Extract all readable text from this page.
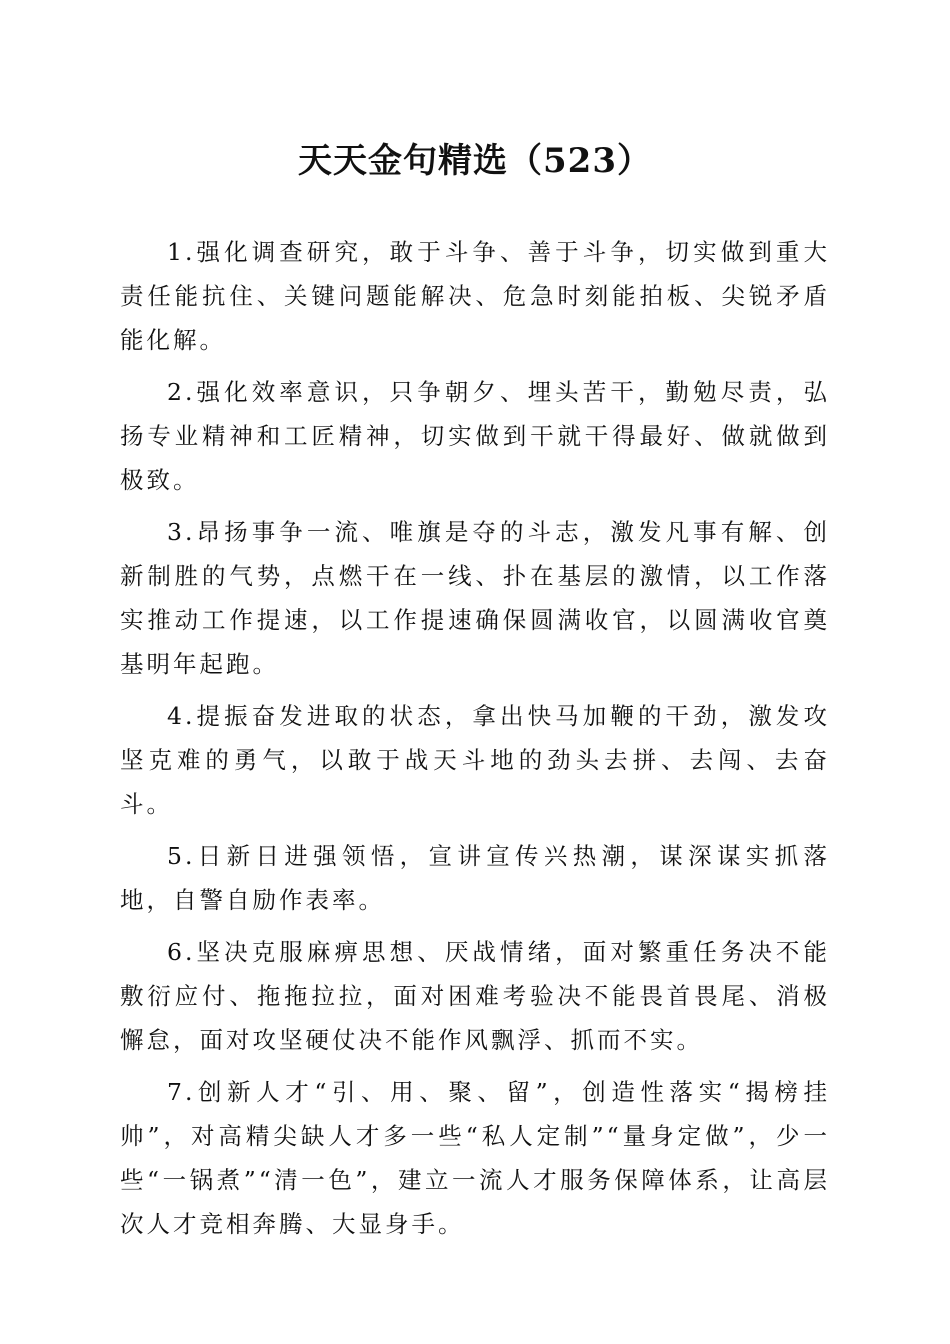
天天金句精选（523）

1.强化调查研究，敢于斗争、善于斗争，切实做到重大责任能抗住、关键问题能解决、危急时刻能拍板、尖锐矛盾能化解。

2.强化效率意识，只争朝夕、埋头苦干，勤勉尽责，弘扬专业精神和工匠精神，切实做到干就干得最好、做就做到极致。

3.昂扬事争一流、唯旗是夺的斗志，激发凡事有解、创新制胜的气势，点燃干在一线、扑在基层的激情，以工作落实推动工作提速，以工作提速确保圆满收官，以圆满收官奠基明年起跑。

4.提振奋发进取的状态，拿出快马加鞭的干劲，激发攻坚克难的勇气，以敢于战天斗地的劲头去拼、去闯、去奋斗。

5.日新日进强领悟，宣讲宣传兴热潮，谋深谋实抓落地，自警自励作表率。

6.坚决克服麻痹思想、厌战情绪，面对繁重任务决不能敷衍应付、拖拖拉拉，面对困难考验决不能畏首畏尾、消极懈怠，面对攻坚硬仗决不能作风飘浮、抓而不实。

7.创新人才“引、用、聚、留”，创造性落实“揭榜挂帅”，对高精尖缺人才多一些“私人定制”“量身定做”，少一些“一锅煮”“清一色”，建立一流人才服务保障体系，让高层次人才竞相奔腾、大显身手。
